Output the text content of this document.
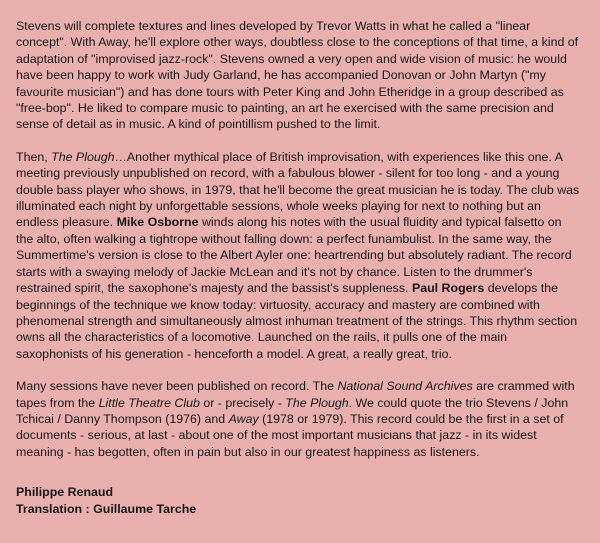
Stevens will complete textures and lines developed by Trevor Watts in what he called a "linear concept". With Away, he'll explore other ways, doubtless close to the conceptions of that time, a kind of adaptation of "improvised jazz-rock". Stevens owned a very open and wide vision of music: he would have been happy to work with Judy Garland, he has accompanied Donovan or John Martyn ("my favourite musician") and has done tours with Peter King and John Etheridge in a group described as "free-bop". He liked to compare music to painting, an art he exercised with the same precision and sense of detail as in music. A kind of pointillism pushed to the limit.

Then, The Plough…Another mythical place of British improvisation, with experiences like this one. A meeting previously unpublished on record, with a fabulous blower - silent for too long - and a young double bass player who shows, in 1979, that he'll become the great musician he is today. The club was illuminated each night by unforgettable sessions, whole weeks playing for next to nothing but an endless pleasure. Mike Osborne winds along his notes with the usual fluidity and typical falsetto on the alto, often walking a tightrope without falling down: a perfect funambulist. In the same way, the Summertime's version is close to the Albert Ayler one: heartrending but absolutely radiant. The record starts with a swaying melody of Jackie McLean and it's not by chance. Listen to the drummer's restrained spirit, the saxophone's majesty and the bassist's suppleness. Paul Rogers develops the beginnings of the technique we know today: virtuosity, accuracy and mastery are combined with phenomenal strength and simultaneously almost inhuman treatment of the strings. This rhythm section owns all the characteristics of a locomotive. Launched on the rails, it pulls one of the main saxophonists of his generation - henceforth a model. A great, a really great, trio.

Many sessions have never been published on record. The National Sound Archives are crammed with tapes from the Little Theatre Club or - precisely - The Plough. We could quote the trio Stevens / John Tchicai / Danny Thompson (1976) and Away (1978 or 1979). This record could be the first in a set of documents - serious, at last - about one of the most important musicians that jazz - in its widest meaning - has begotten, often in pain but also in our greatest happiness as listeners.

Philippe Renaud
Translation : Guillaume Tarche
